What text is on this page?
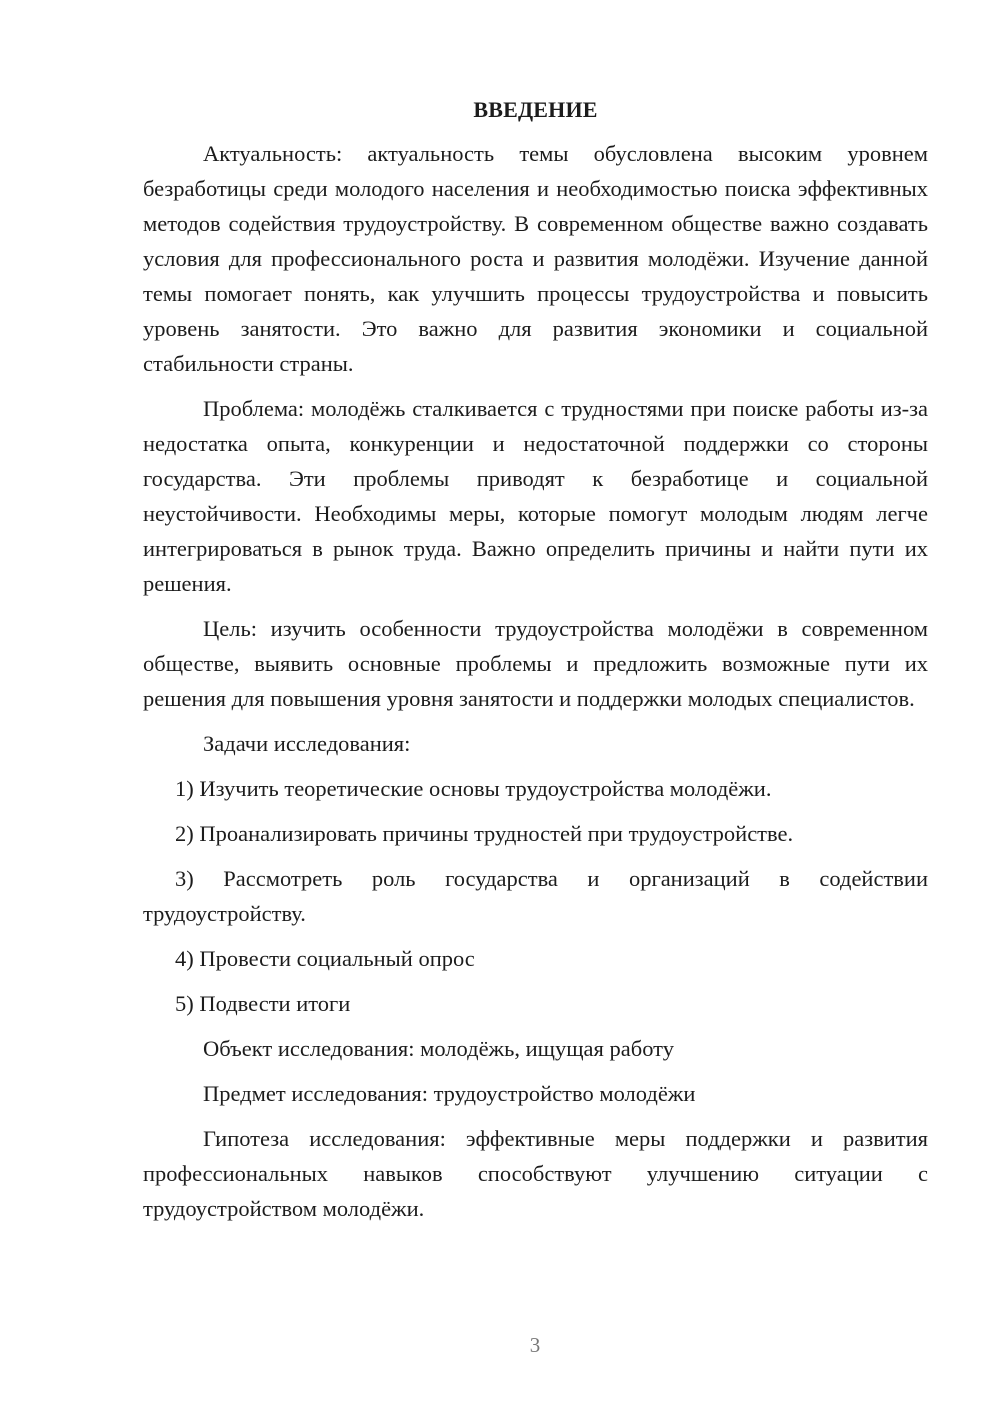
ВВЕДЕНИЕ
Актуальность: актуальность темы обусловлена высоким уровнем безработицы среди молодого населения и необходимостью поиска эффективных методов содействия трудоустройству. В современном обществе важно создавать условия для профессионального роста и развития молодёжи. Изучение данной темы помогает понять, как улучшить процессы трудоустройства и повысить уровень занятости. Это важно для развития экономики и социальной стабильности страны.
Проблема: молодёжь сталкивается с трудностями при поиске работы из-за недостатка опыта, конкуренции и недостаточной поддержки со стороны государства. Эти проблемы приводят к безработице и социальной неустойчивости. Необходимы меры, которые помогут молодым людям легче интегрироваться в рынок труда. Важно определить причины и найти пути их решения.
Цель: изучить особенности трудоустройства молодёжи в современном обществе, выявить основные проблемы и предложить возможные пути их решения для повышения уровня занятости и поддержки молодых специалистов.
Задачи исследования:
1) Изучить теоретические основы трудоустройства молодёжи.
2) Проанализировать причины трудностей при трудоустройстве.
3) Рассмотреть роль государства и организаций в содействии трудоустройству.
4) Провести социальный опрос
5) Подвести итоги
Объект исследования: молодёжь, ищущая работу
Предмет исследования: трудоустройство молодёжи
Гипотеза исследования: эффективные меры поддержки и развития профессиональных навыков способствуют улучшению ситуации с трудоустройством молодёжи.
3
